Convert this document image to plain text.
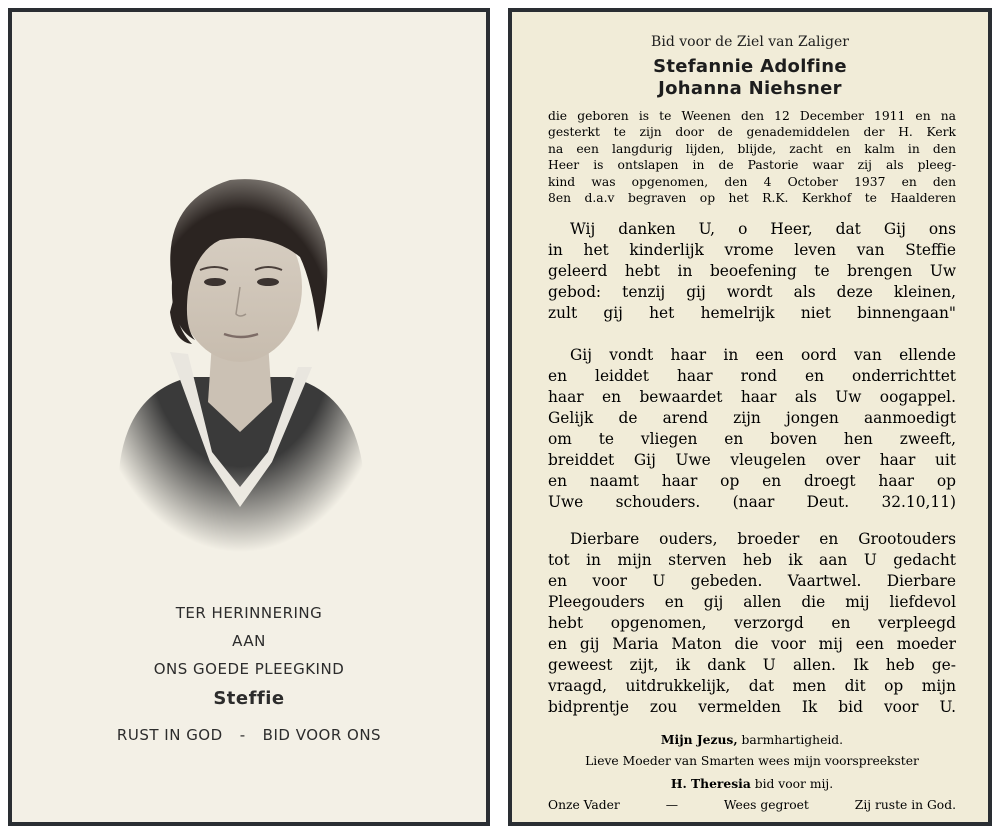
TER HERINNERING
AAN
ONS GOEDE PLEEGKIND
Steffie
RUST IN GOD - BID VOOR ONS
Bid voor de Ziel van Zaliger
Stefannie Adolfine
Johanna Niehsner
die geboren is te Weenen den 12 December 1911 en na
gesterkt te zijn door de genademiddelen der H. Kerk
na een langdurig lijden, blijde, zacht en kalm in den
Heer is ontslapen in de Pastorie waar zij als pleeg-
kind was opgenomen, den 4 October 1937 en den
8en d.a.v begraven op het R.K. Kerkhof te Haalderen
Wij danken U, o Heer, dat Gij ons
in het kinderlijk vrome leven van Steffie
geleerd hebt in beoefening te brengen Uw
gebod: tenzij gij wordt als deze kleinen,
zult gij het hemelrijk niet binnengaan"
Gij vondt haar in een oord van ellende
en leiddet haar rond en onderrichttet
haar en bewaardet haar als Uw oogappel.
Gelijk de arend zijn jongen aanmoedigt
om te vliegen en boven hen zweeft,
breiddet Gij Uwe vleugelen over haar uit
en naamt haar op en droegt haar op
Uwe schouders. (naar Deut. 32.10,11)
Dierbare ouders, broeder en Grootouders
tot in mijn sterven heb ik aan U gedacht
en voor U gebeden. Vaartwel. Dierbare
Pleegouders en gij allen die mij liefdevol
hebt opgenomen, verzorgd en verpleegd
en gij Maria Maton die voor mij een moeder
geweest zijt, ik dank U allen. Ik heb ge-
vraagd, uitdrukkelijk, dat men dit op mijn
bidprentje zou vermelden Ik bid voor U.
Mijn Jezus, barmhartigheid.
Lieve Moeder van Smarten wees mijn voorspreekster
H. Theresia bid voor mij.
Onze Vader	—	Wees gegroet	Zij ruste in God.
